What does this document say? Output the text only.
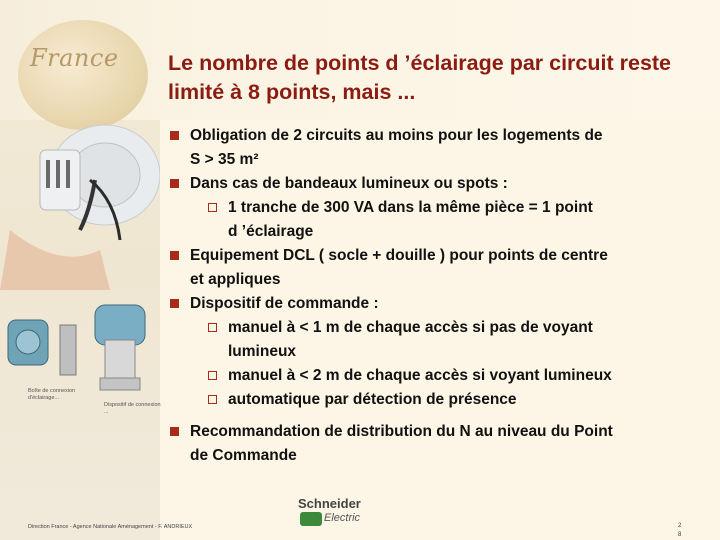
France Le nombre de points d ’éclairage par circuit reste limité à 8 points, mais ...
Boîte de connexion
d'éclairage...
Dispositif de connexion
...
Obligation de 2 circuits au moins pour les logements de
S > 35 m²
Dans cas de bandeaux lumineux ou spots :
1 tranche de 300 VA dans la même pièce = 1 point
d ’éclairage
Equipement DCL ( socle + douille ) pour points de centre
et appliques
Dispositif de commande :
manuel à < 1 m de chaque accès si pas de voyant
lumineux
manuel à < 2 m de chaque accès si voyant lumineux
automatique par détection de présence
Recommandation de distribution du N au niveau du Point
de Commande
Direction France - Agence Nationale Aménagement - F. ANDRIEUX
Schneider
Electric
2
8
